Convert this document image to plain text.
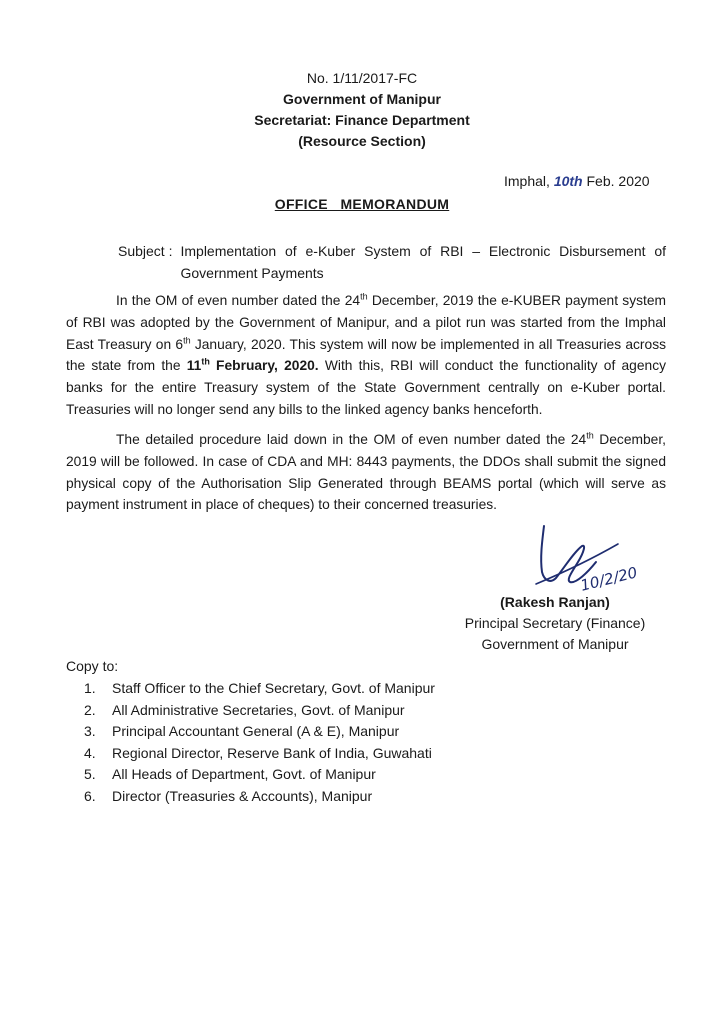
No. 1/11/2017-FC
Government of Manipur
Secretariat: Finance Department
(Resource Section)
Imphal, 10th Feb. 2020
OFFICE   MEMORANDUM
Subject : Implementation of e-Kuber System of RBI – Electronic Disbursement of Government Payments

In the OM of even number dated the 24th December, 2019 the e-KUBER payment system of RBI was adopted by the Government of Manipur, and a pilot run was started from the Imphal East Treasury on 6th January, 2020. This system will now be implemented in all Treasuries across the state from the 11th February, 2020. With this, RBI will conduct the functionality of agency banks for the entire Treasury system of the State Government centrally on e-Kuber portal. Treasuries will no longer send any bills to the linked agency banks henceforth.

The detailed procedure laid down in the OM of even number dated the 24th December, 2019 will be followed. In case of CDA and MH: 8443 payments, the DDOs shall submit the signed physical copy of the Authorisation Slip Generated through BEAMS portal (which will serve as payment instrument in place of cheques) to their concerned treasuries.

10/2/20
(Rakesh Ranjan)
Principal Secretary (Finance)
Government of Manipur
Copy to:
1.	Staff Officer to the Chief Secretary, Govt. of Manipur
2.	All Administrative Secretaries, Govt. of Manipur
3.	Principal Accountant General (A & E), Manipur
4.	Regional Director, Reserve Bank of India, Guwahati
5.	All Heads of Department, Govt. of Manipur
6.	Director (Treasuries & Accounts), Manipur
